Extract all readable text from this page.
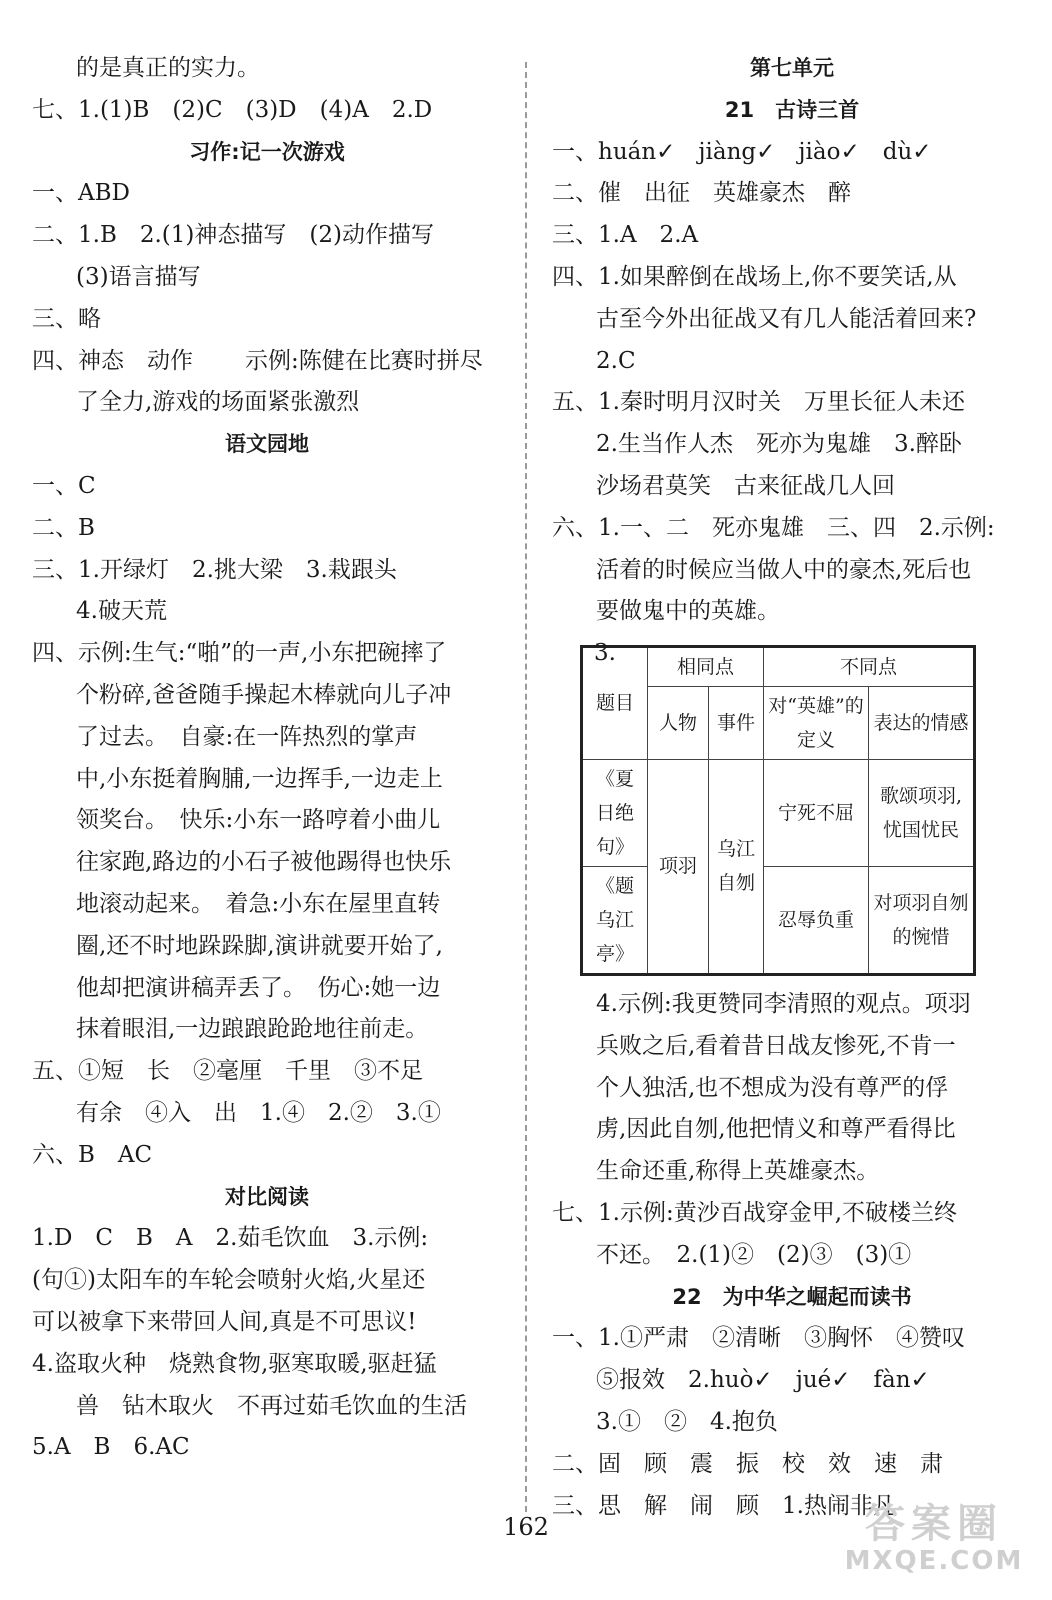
的是真正的实力。
七、1.(1)B　(2)C　(3)D　(4)A　2.D
习作:记一次游戏
一、ABD
二、1.B　2.(1)神态描写　(2)动作描写
(3)语言描写
三、略
四、神态　动作 示例:陈健在比赛时拼尽
了全力,游戏的场面紧张激烈
语文园地
一、C
二、B
三、1.开绿灯　2.挑大梁　3.栽跟头
4.破天荒
四、示例:生气:“啪”的一声,小东把碗摔了
个粉碎,爸爸随手操起木棒就向儿子冲
了过去。　自豪:在一阵热烈的掌声
中,小东挺着胸脯,一边挥手,一边走上
领奖台。　快乐:小东一路哼着小曲儿
往家跑,路边的小石子被他踢得也快乐
地滚动起来。　着急:小东在屋里直转
圈,还不时地跺跺脚,演讲就要开始了,
他却把演讲稿弄丢了。　伤心:她一边
抹着眼泪,一边踉踉跄跄地往前走。
五、①短　长　②毫厘　千里　③不足
有余　④入　出　1.④　2.②　3.①
六、B　AC
对比阅读
1.D　C　B　A　2.茹毛饮血　3.示例:
(句①)太阳车的车轮会喷射火焰,火星还
可以被拿下来带回人间,真是不可思议!
4.盗取火种　烧熟食物,驱寒取暖,驱赶猛
兽　钻木取火　不再过茹毛饮血的生活
5.A　B　6.AC
第七单元
21　古诗三首
一、huán✓　jiàng✓　jiào✓　dù✓
二、催　出征　英雄豪杰　醉
三、1.A　2.A
四、1.如果醉倒在战场上,你不要笑话,从
古至今外出征战又有几人能活着回来?
2.C
五、1.秦时明月汉时关　万里长征人未还
2.生当作人杰　死亦为鬼雄　3.醉卧
沙场君莫笑　古来征战几人回
六、1.一、二　死亦鬼雄　三、四　2.示例:
活着的时候应当做人中的豪杰,死后也
要做鬼中的英雄。
3.
题目	相同点		不同点	
	人物	事件	对“英雄”的定义	表达的情感
《夏日绝句》	项羽	乌江自刎	宁死不屈	歌颂项羽,忧国忧民
《题乌江亭》			忍辱负重	对项羽自刎的惋惜
4.示例:我更赞同李清照的观点。项羽
兵败之后,看着昔日战友惨死,不肯一
个人独活,也不想成为没有尊严的俘
虏,因此自刎,他把情义和尊严看得比
生命还重,称得上英雄豪杰。
七、1.示例:黄沙百战穿金甲,不破楼兰终
不还。　2.(1)②　(2)③　(3)①
22　为中华之崛起而读书
一、1.①严肃　②清晰　③胸怀　④赞叹
⑤报效　2.huò✓　jué✓　fàn✓
3.①　②　4.抱负
二、固　顾　震　振　校　效　速　肃
三、思　解　闹　顾　1.热闹非凡
162	答案圈
MXQE.COM
